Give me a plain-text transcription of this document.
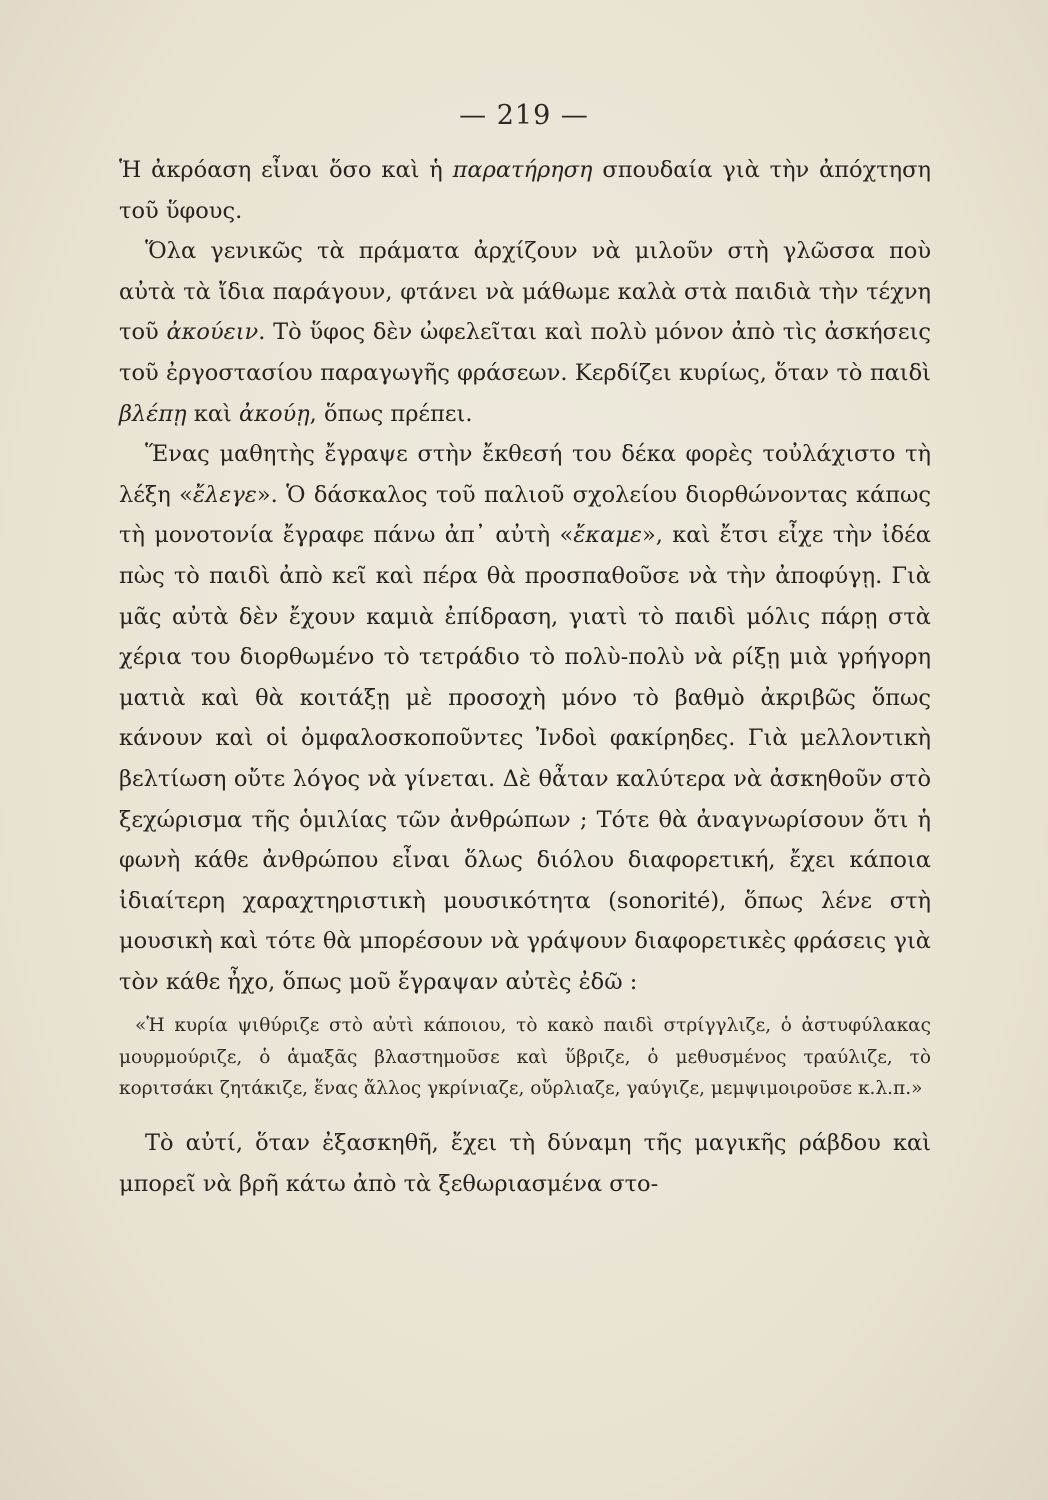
— 219 —

Ἡ ἀκρόαση εἶναι ὅσο καὶ ἡ παρατήρηση σπουδαία γιὰ τὴν ἀπόχτηση τοῦ ὕφους.

Ὅλα γενικῶς τὰ πράματα ἀρχίζουν νὰ μιλοῦν στὴ γλῶσσα ποὺ αὐτὰ τὰ ἴδια παράγουν, φτάνει νὰ μάθωμε καλὰ στὰ παιδιὰ τὴν τέχνη τοῦ ἀκούειν. Τὸ ὕφος δὲν ὠφελεῖται καὶ πολὺ μόνον ἀπὸ τὶς ἀσκήσεις τοῦ ἐργοστασίου παραγωγῆς φράσεων. Κερδίζει κυρίως, ὅταν τὸ παιδὶ βλέπῃ καὶ ἀκούῃ, ὅπως πρέπει.

Ἕνας μαθητὴς ἔγραψε στὴν ἔκθεσή του δέκα φορὲς τοὐλάχιστο τὴ λέξη «ἔλεγε». Ὁ δάσκαλος τοῦ παλιοῦ σχολείου διορθώνοντας κάπως τὴ μονοτονία ἔγραφε πάνω ἀπ᾽ αὐτὴ «ἔκαμε», καὶ ἔτσι εἶχε τὴν ἰδέα πὼς τὸ παιδὶ ἀπὸ κεῖ καὶ πέρα θὰ προσπαθοῦσε νὰ τὴν ἀποφύγῃ. Γιὰ μᾶς αὐτὰ δὲν ἔχουν καμιὰ ἐπίδραση, γιατὶ τὸ παιδὶ μόλις πάρῃ στὰ χέρια του διορθωμένο τὸ τετράδιο τὸ πολὺ-πολὺ νὰ ρίξῃ μιὰ γρήγορη ματιὰ καὶ θὰ κοιτάξῃ μὲ προσοχὴ μόνο τὸ βαθμὸ ἀκριβῶς ὅπως κάνουν καὶ οἱ ὀμφαλοσκοποῦντες Ἰνδοὶ φακίρηδες. Γιὰ μελλοντικὴ βελτίωση οὔτε λόγος νὰ γίνεται. Δὲ θἆταν καλύτερα νὰ ἀσκηθοῦν στὸ ξεχώρισμα τῆς ὁμιλίας τῶν ἀνθρώπων ; Τότε θὰ ἀναγνωρίσουν ὅτι ἡ φωνὴ κάθε ἀνθρώπου εἶναι ὅλως διόλου διαφορετική, ἔχει κάποια ἰδιαίτερη χαραχτηριστικὴ μουσικότητα (sonorité), ὅπως λένε στὴ μουσικὴ καὶ τότε θὰ μπορέσουν νὰ γράψουν διαφορετικὲς φράσεις γιὰ τὸν κάθε ἦχο, ὅπως μοῦ ἔγραψαν αὐτὲς ἐδῶ :

«Ἡ κυρία ψιθύριζε στὸ αὐτὶ κάποιου, τὸ κακὸ παιδὶ στρίγγλιζε, ὁ ἀστυφύλακας μουρμούριζε, ὁ ἁμαξᾶς βλαστημοῦσε καὶ ὕβριζε, ὁ μεθυσμένος τραύλιζε, τὸ κοριτσάκι ζητάκιζε, ἕνας ἄλλος γκρίνιαζε, οὔρλιαζε, γαύγιζε, μεμψιμοιροῦσε κ.λ.π.»

Τὸ αὐτί, ὅταν ἐξασκηθῆ, ἔχει τὴ δύναμη τῆς μαγικῆς ράβδου καὶ μπορεῖ νὰ βρῆ κάτω ἀπὸ τὰ ξεθωριασμένα στο-
